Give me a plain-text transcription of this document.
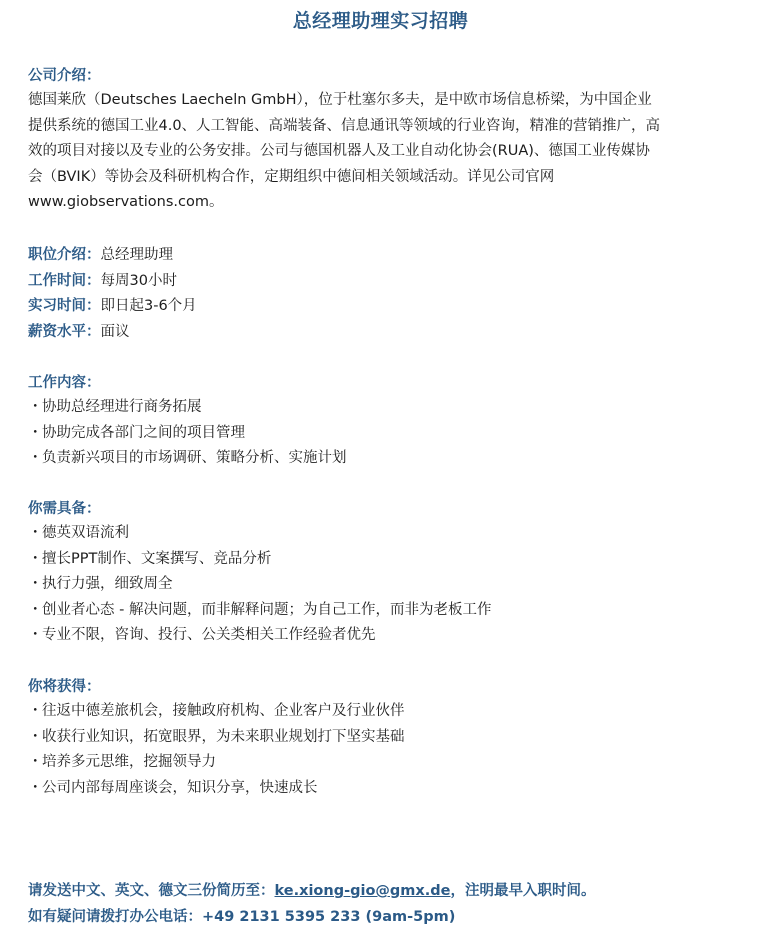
总经理助理实习招聘

公司介绍：

德国莱欣（Deutsches Laecheln GmbH），位于杜塞尔多夫，是中欧市场信息桥梁，为中国企业

提供系统的德国工业4.0、人工智能、高端装备、信息通讯等领域的行业咨询，精准的营销推广，高

效的项目对接以及专业的公务安排。公司与德国机器人及工业自动化协会(RUA)、德国工业传媒协

会（BVIK）等协会及科研机构合作，定期组织中德间相关领域活动。详见公司官网

www.giobservations.com。

职位介绍：总经理助理

工作时间：每周30小时

实习时间：即日起3-6个月

薪资水平：面议

工作内容：

・协助总经理进行商务拓展
・协助完成各部门之间的项目管理
・负责新兴项目的市场调研、策略分析、实施计划

你需具备：

・德英双语流利
・擅长PPT制作、文案撰写、竞品分析
・执行力强，细致周全
・创业者心态 - 解决问题，而非解释问题；为自己工作，而非为老板工作
・专业不限，咨询、投行、公关类相关工作经验者优先

你将获得：

・往返中德差旅机会，接触政府机构、企业客户及行业伙伴
・收获行业知识，拓宽眼界，为未来职业规划打下坚实基础
・培养多元思维，挖掘领导力
・公司内部每周座谈会，知识分享，快速成长
请发送中文、英文、德文三份简历至：ke.xiong-gio@gmx.de，注明最早入职时间。
如有疑问请拨打办公电话：+49 2131 5395 233 (9am-5pm)
